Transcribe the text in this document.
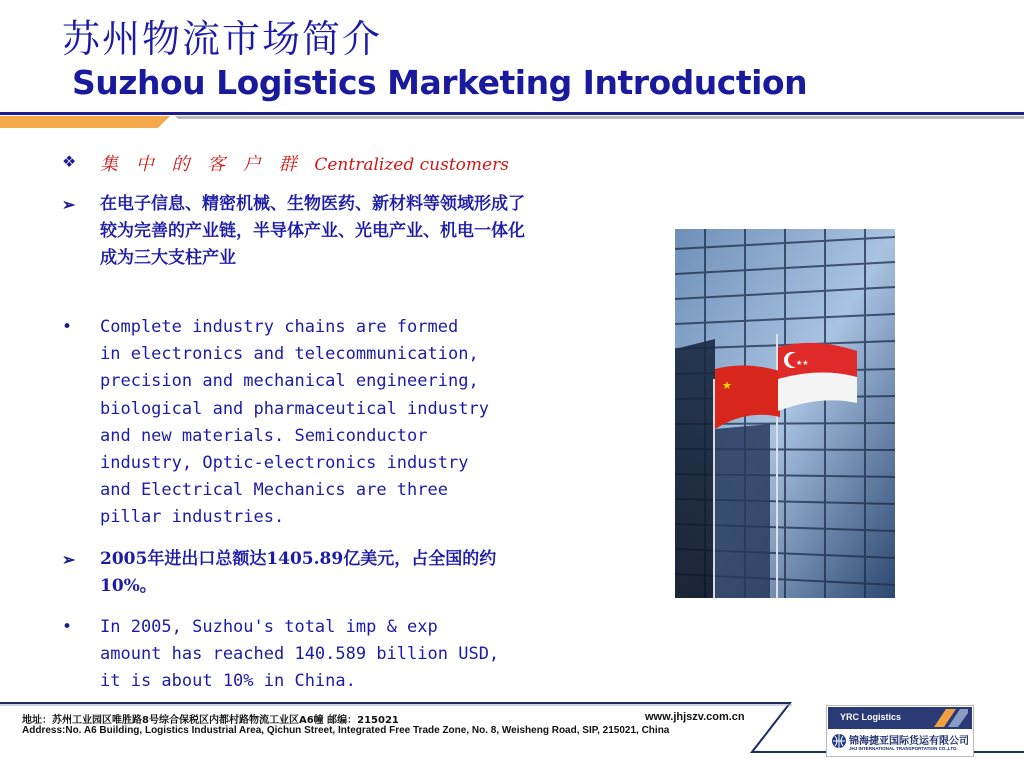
苏州物流市场简介
Suzhou Logistics Marketing Introduction
❖ 集 中 的 客 户 群 Centralized customers
➢ 在电子信息、精密机械、生物医药、新材料等领域形成了较为完善的产业链，半导体产业、光电产业、机电一体化成为三大支柱产业
• Complete industry chains are formed
in electronics and telecommunication,
precision and mechanical engineering,
biological and pharmaceutical industry
and new materials. Semiconductor
industry, Optic-electronics industry
and Electrical Mechanics are three
pillar industries.
➢ 2005年进出口总额达1405.89亿美元，占全国的约10%。
• In 2005, Suzhou's total imp & exp
amount has reached 140.589 billion USD,
it is about 10% in China.
★
★★
地址：苏州工业园区唯胜路8号综合保税区内都村路物流工业区A6幢 邮编：215021
Address:No. A6 Building, Logistics Industrial Area, Qichun Street, Integrated Free Trade Zone, No. 8, Weisheng Road, SIP, 215021, China
www.jhjszv.com.cn	YRC Logistics
锦海捷亚国际货运有限公司
JHJ INTERNATIONAL TRANSPORTATION CO.,LTD.
